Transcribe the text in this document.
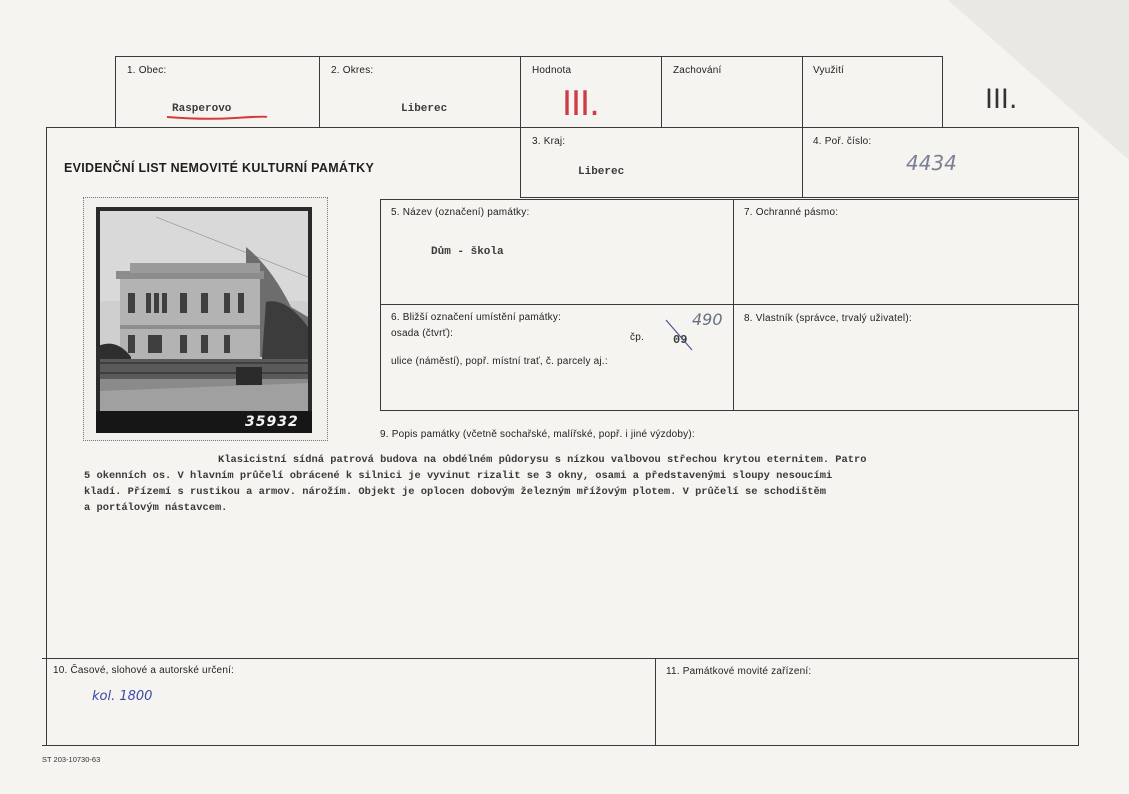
1. Obec:
Rasperovo
2. Okres:
Liberec
Hodnota
III.
Zachování	Využití
III.
EVIDENČNÍ LIST NEMOVITÉ KULTURNÍ PAMÁTKY
3. Kraj:
Liberec
4. Poř. číslo:
4434
35932
5. Název (označení) památky:
Dům - škola
7. Ochranné pásmo:
6. Bližší označení umístění památky:
osada (čtvrť):	čp. 09
490
ulice (náměstí), popř. místní trať, č. parcely aj.:
8. Vlastník (správce, trvalý uživatel):
9. Popis památky (včetně sochařské, malířské, popř. i jiné výzdoby):
Klasicistní sídná patrová budova na obdélném půdorysu s nízkou valbovou střechou krytou eternitem. Patro
5 okenních os. V hlavním průčelí obrácené k silnici je vyvinut rizalit se 3 okny, osami a představenými sloupy nesoucími
kladí. Přízemí s rustikou a armov. nárožím. Objekt je oplocen dobovým železným mřížovým plotem. V průčelí se schodištěm
a portálovým nástavcem.
10. Časové, slohové a autorské určení:
kol. 1800
11. Památkové movité zařízení:
ST 203-10730-63
